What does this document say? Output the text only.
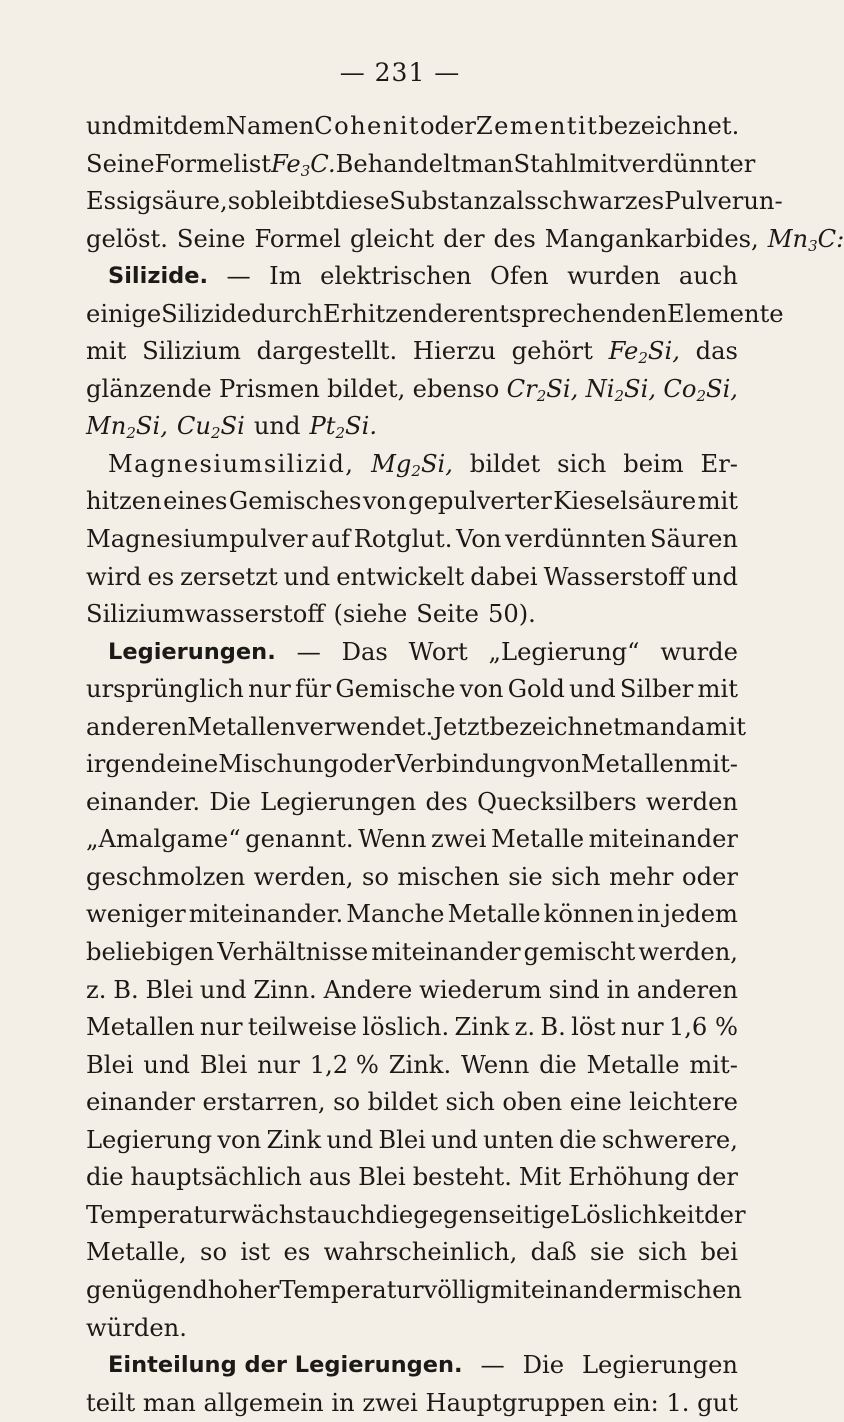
— 231 —
und mit dem Namen Cohenit oder Zementit bezeichnet.
Seine Formel ist $Fe_3$ C. Behandelt man Stahl mit verdünnter
Essigsäure, so bleibt diese Substanz als schwarzes Pulver un-
gelöst. Seine Formel gleicht der des Mangankarbides, $Mn_3C$:
Silizide. — Im elektrischen Ofen wurden auch
einige Silizide durch Erhitzen der entsprechenden Elemente
mit Silizium dargestellt. Hierzu gehört $Fe_2Si$, das
glänzende Prismen bildet, ebenso $Cr_2Si$, $Ni_2Si$, $Co_2Si$,
$Mn_2Si$, $Cu_2Si$ und $Pt_2Si$.
Magnesiumsilizid, $Mg_2Si$, bildet sich beim Er-
hitzen eines Gemisches von gepulverter Kieselsäure mit
Magnesiumpulver auf Rotglut. Von verdünnten Säuren
wird es zersetzt und entwickelt dabei Wasserstoff und
Siliziumwasserstoff (siehe Seite 50).
Legierungen. — Das Wort „Legierung“ wurde
ursprünglich nur für Gemische von Gold und Silber mit
anderen Metallen verwendet. Jetzt bezeichnet man damit
irgend eine Mischung oder Verbindung von Metallen mit-
einander. Die Legierungen des Quecksilbers werden
„Amalgame“ genannt. Wenn zwei Metalle miteinander
geschmolzen werden, so mischen sie sich mehr oder
weniger miteinander. Manche Metalle können in jedem
beliebigen Verhältnisse miteinander gemischt werden,
z. B. Blei und Zinn. Andere wiederum sind in anderen
Metallen nur teilweise löslich. Zink z. B. löst nur 1,6 %
Blei und Blei nur 1,2 % Zink. Wenn die Metalle mit-
einander erstarren, so bildet sich oben eine leichtere
Legierung von Zink und Blei und unten die schwerere,
die hauptsächlich aus Blei besteht. Mit Erhöhung der
Temperatur wächst auch die gegenseitige Löslichkeit der
Metalle, so ist es wahrscheinlich, daß sie sich bei
genügend hoher Temperatur völlig miteinander mischen
würden.
Einteilung der Legierungen. — Die Legierungen
teilt man allgemein in zwei Hauptgruppen ein: 1. gut
